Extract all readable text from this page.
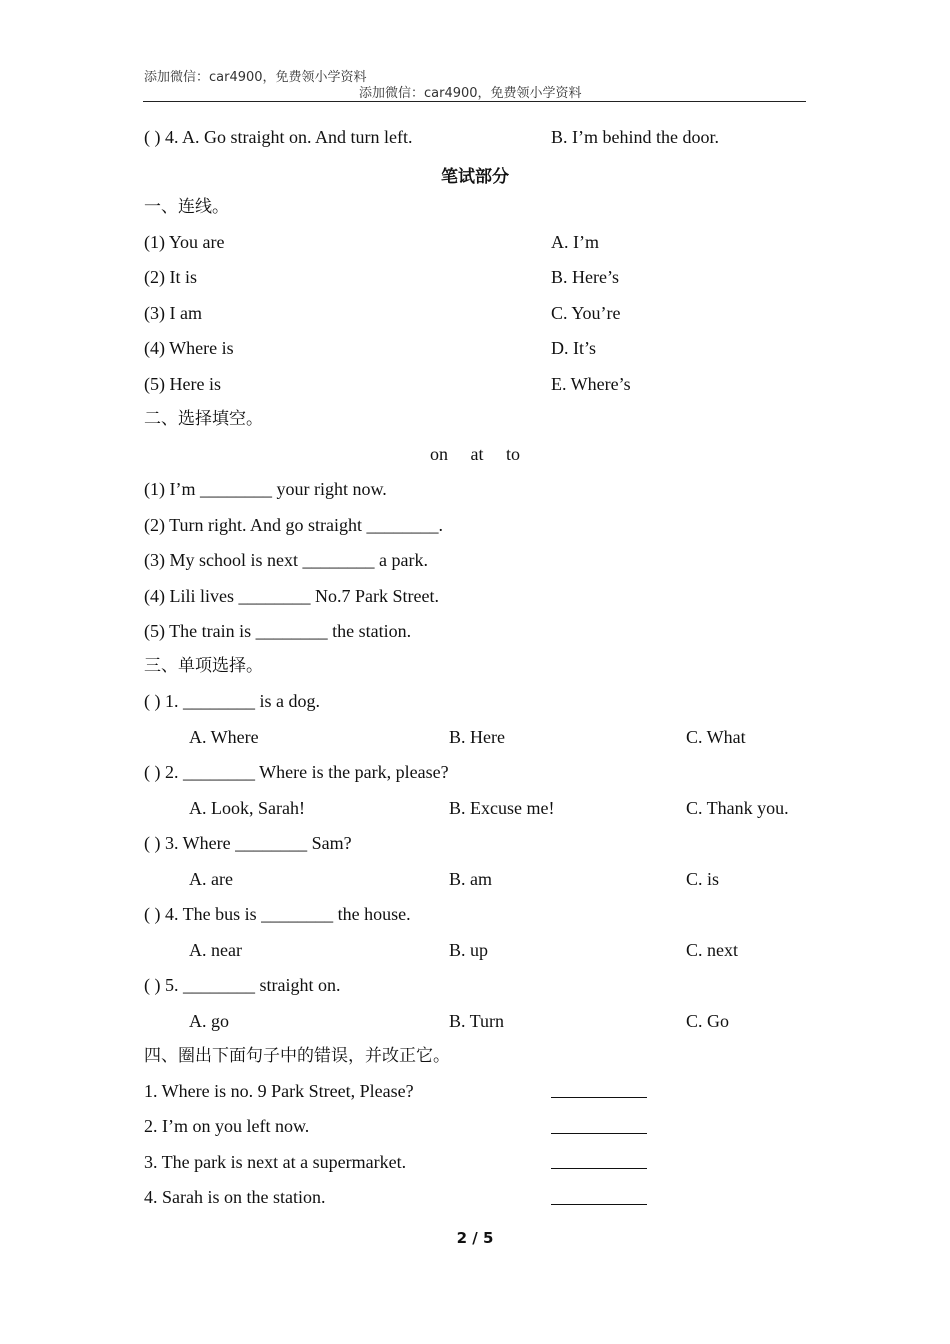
添加微信：car4900，免费领小学资料
添加微信：car4900，免费领小学资料
( ) 4. A. Go straight on. And turn left.	B. I’m behind the door.
笔试部分
一、连线。
(1) You are	A. I’m
(2) It is	B. Here’s
(3) I am	C. You’re
(4) Where is	D. It’s
(5) Here is	E. Where’s
二、选择填空。
on at to
(1) I’m ________ your right now.
(2) Turn right. And go straight ________.
(3) My school is next ________ a park.
(4) Lili lives ________ No.7 Park Street.
(5) The train is ________ the station.
三、单项选择。
( ) 1. ________ is a dog.
A. Where	B. Here	C. What
( ) 2. ________ Where is the park, please?
A. Look, Sarah!	B. Excuse me!	C. Thank you.
( ) 3. Where ________ Sam?
A. are	B. am	C. is
( ) 4. The bus is ________ the house.
A. near	B. up	C. next
( ) 5. ________ straight on.
A. go	B. Turn	C. Go
四、圈出下面句子中的错误，并改正它。
1. Where is no. 9 Park Street, Please?
2. I’m on you left now.
3. The park is next at a supermarket.
4. Sarah is on the station.
2 / 5
